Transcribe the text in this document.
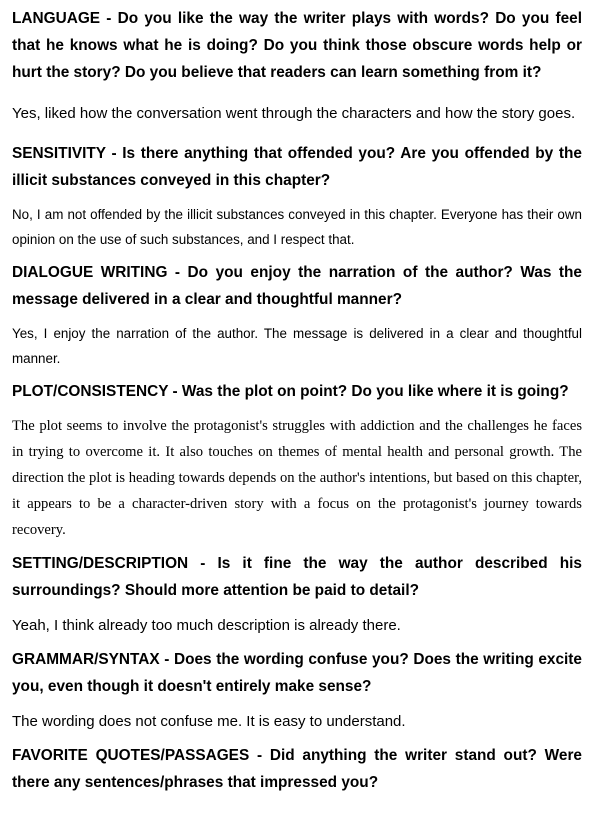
LANGUAGE - Do you like the way the writer plays with words? Do you feel that he knows what he is doing? Do you think those obscure words help or hurt the story? Do you believe that readers can learn something from it?

Yes, liked how the conversation went through the characters and how the story goes.

SENSITIVITY - Is there anything that offended you? Are you offended by the illicit substances conveyed in this chapter?

No, I am not offended by the illicit substances conveyed in this chapter. Everyone has their own opinion on the use of such substances, and I respect that.

DIALOGUE WRITING - Do you enjoy the narration of the author? Was the message delivered in a clear and thoughtful manner?

Yes, I enjoy the narration of the author. The message is delivered in a clear and thoughtful manner.

PLOT/CONSISTENCY - Was the plot on point? Do you like where it is going?

The plot seems to involve the protagonist's struggles with addiction and the challenges he faces in trying to overcome it. It also touches on themes of mental health and personal growth. The direction the plot is heading towards depends on the author's intentions, but based on this chapter, it appears to be a character-driven story with a focus on the protagonist's journey towards recovery.

SETTING/DESCRIPTION - Is it fine the way the author described his surroundings? Should more attention be paid to detail?

Yeah, I think already too much description is already there.

GRAMMAR/SYNTAX - Does the wording confuse you? Does the writing excite you, even though it doesn't entirely make sense?

The wording does not confuse me. It is easy to understand.

FAVORITE QUOTES/PASSAGES - Did anything the writer stand out? Were there any sentences/phrases that impressed you?
